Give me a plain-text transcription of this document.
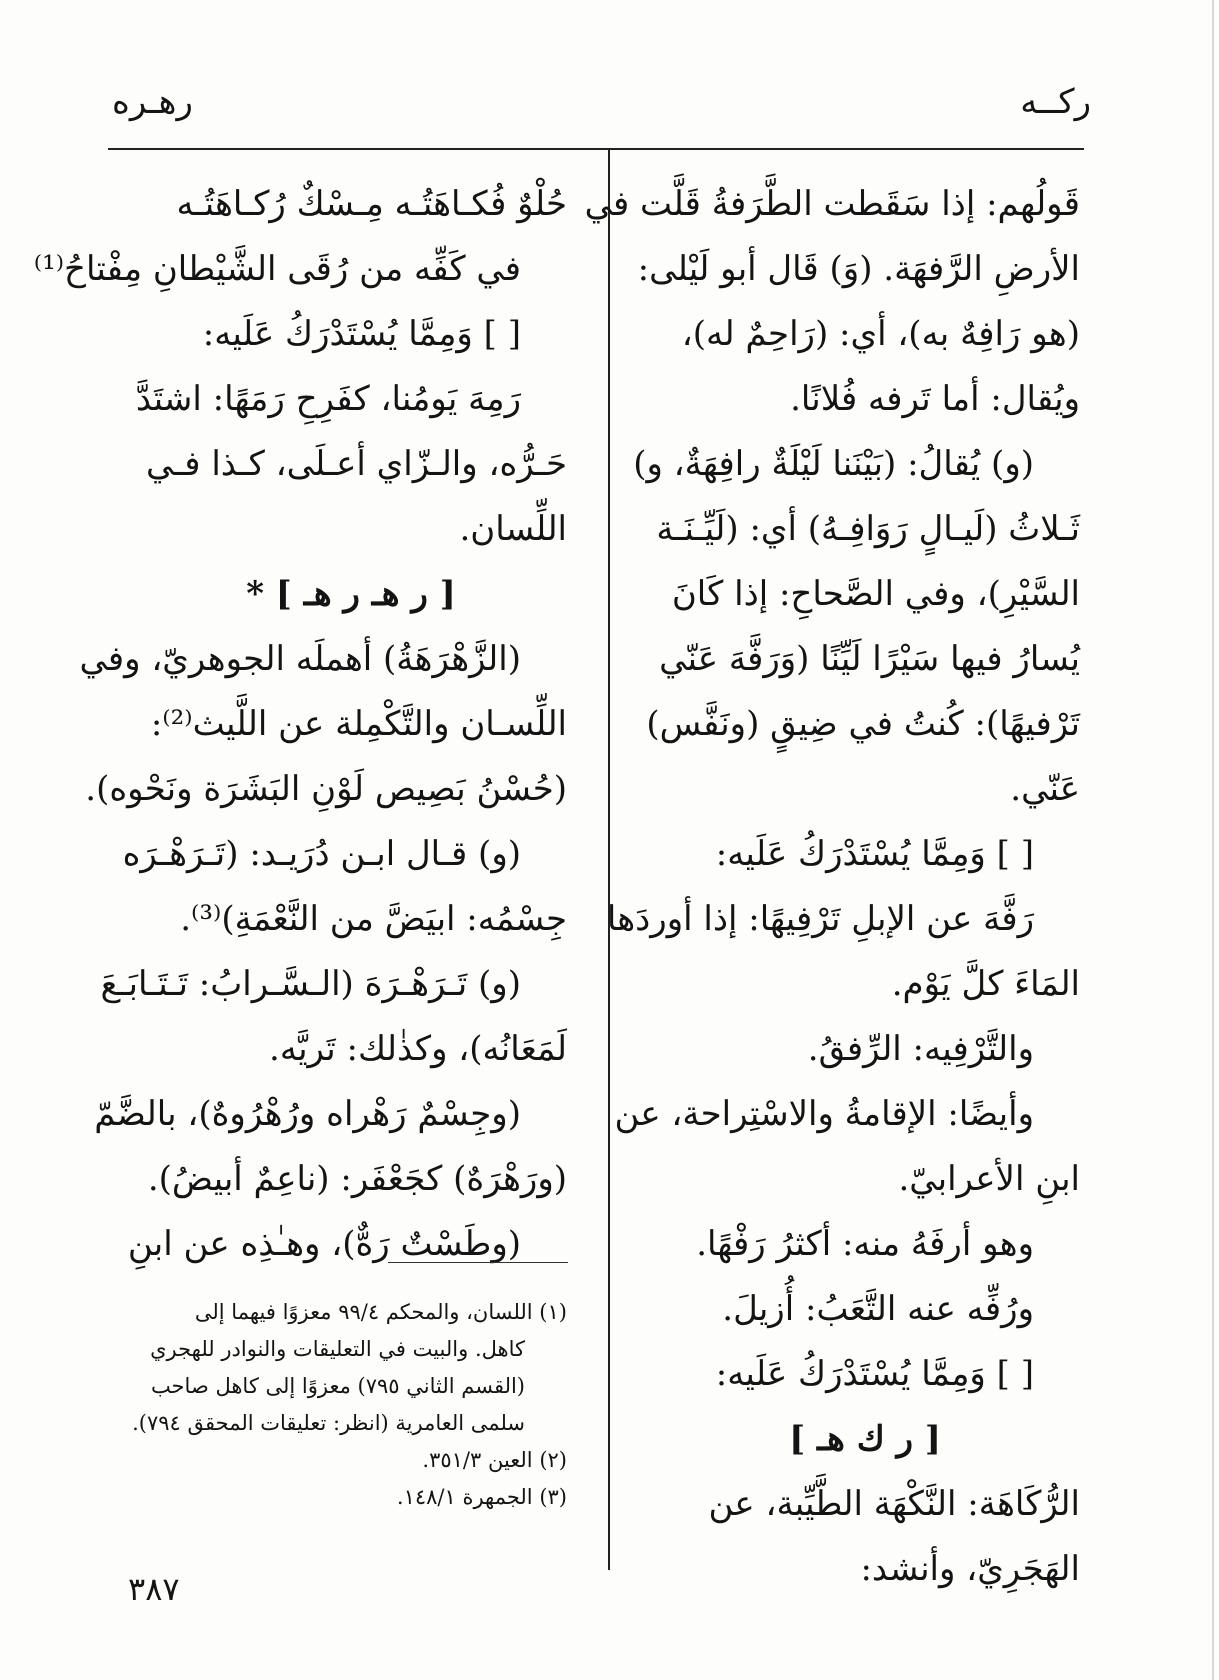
ركــه
رهـره
قَولُهم: إذا سَقَطت الطَّرَفةُ قَلَّت في
الأرضِ الرَّفهَة. (وَ) قَال أبو لَيْلى:
(هو رَافِهٌ به)، أي: (رَاحِمٌ له)،
ويُقال: أما تَرفه فُلانًا.
(و) يُقالُ: (بَيْنَنا لَيْلَةٌ رافِهَةٌ، و)
ثَـلاثُ (لَيـالٍ رَوَافِـهُ) أي: (لَيِّـنَـة
السَّيْرِ)، وفي الصَّحاحِ: إذا كَانَ
يُسارُ فيها سَيْرًا لَيِّنًا (وَرَفَّهَ عَنّي
تَرْفيهًا): كُنتُ في ضِيقٍ (ونَفَّس)
عَنّي.
[ ] وَمِمَّا يُسْتَدْرَكُ عَلَيه:
رَفَّهَ عن الإبلِ تَرْفِيهًا: إذا أوردَها
المَاءَ كلَّ يَوْم.
والتَّرْفِيه: الرِّفقُ.
وأيضًا: الإقامةُ والاسْتِراحة، عن
ابنِ الأعرابيّ.
وهو أرفَهُ منه: أكثرُ رَفْهًا.
ورُفِّه عنه التَّعَبُ: أُزيلَ.
[ ] وَمِمَّا يُسْتَدْرَكُ عَلَيه:
[ ر ك هـ ]
الرُّكَاهَة: النَّكْهَة الطَّيِّبة، عن
الهَجَرِيّ، وأنشد:
حُلْوٌ فُكـاهَتُـه مِـسْكٌ رُكـاهَتُـه
في كَفِّه من رُقَى الشَّيْطانِ مِفْتاحُ⁽¹⁾
[ ] وَمِمَّا يُسْتَدْرَكُ عَلَيه:
رَمِهَ يَومُنا، كفَرِحِ رَمَهًا: اشتَدَّ
حَـرُّه، والـزّاي أعـلَى، كـذا فـي
اللِّسان.
[ ر هـ ر هـ ] *
(الزَّهْرَهَةُ) أهملَه الجوهريّ، وفي
اللِّسـان والتَّكْمِلة عن اللَّيث⁽²⁾:
(حُسْنُ بَصِيص لَوْنِ البَشَرَة ونَحْوه).
(و) قـال ابـن دُرَيـد: (تَـرَهْـرَه
جِسْمُه: ابيَضَّ من النَّعْمَةِ)⁽³⁾.
(و) تَـرَهْـرَهَ (الـسَّـرابُ: تَـتَـابَـعَ
لَمَعَانُه)، وكذٰلك: تَريَّه.
(وجِسْمٌ رَهْراه ورُهْرُوهٌ)، بالضَّمّ
(ورَهْرَهٌ) كجَعْفَر: (ناعِمٌ أبيضُ).
(وطَسْتٌ رَهٌّ)، وهـٰذِه عن ابنِ
(١) اللسان، والمحكم ٩٩/٤ معزوًا فيهما إلى
كاهل. والبيت في التعليقات والنوادر للهجري
(القسم الثاني ٧٩٥) معزوًا إلى كاهل صاحب
سلمى العامرية (انظر: تعليقات المحقق ٧٩٤).
(٢) العين ٣٥١/٣.
(٣) الجمهرة ١٤٨/١.
٣٨٧
